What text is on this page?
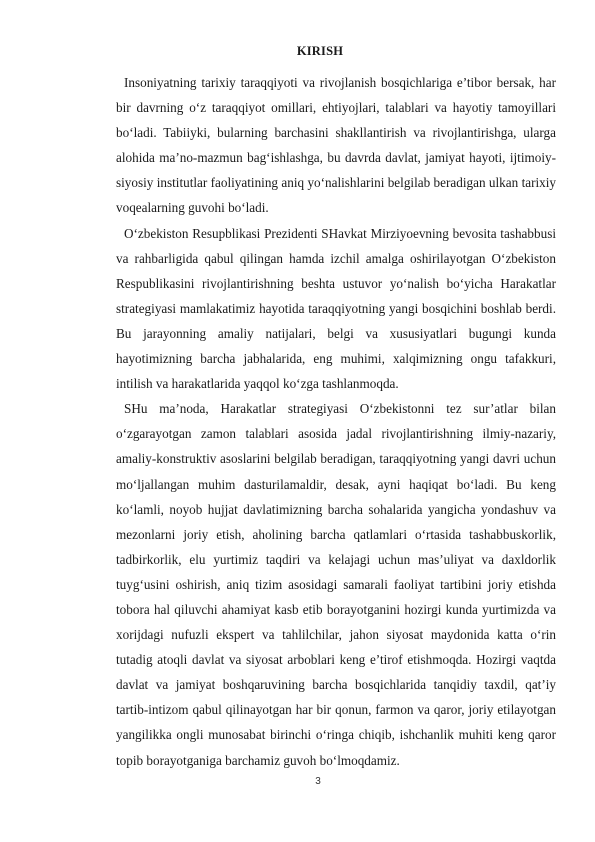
KIRISH

Insoniyatning tarixiy taraqqiyoti va rivojlanish bosqichlariga e’tibor bersak, har bir davrning o‘z taraqqiyot omillari, ehtiyojlari, talablari va hayotiy tamoyillari bo‘ladi. Tabiiyki, bularning barchasini shakllantirish va rivojlantirishga, ularga alohida ma’no-mazmun bag‘ishlashga, bu davrda davlat, jamiyat hayoti, ijtimoiy-siyosiy institutlar faoliyatining aniq yo‘nalishlarini belgilab beradigan ulkan tarixiy voqealarning guvohi bo‘ladi.

O‘zbekiston Resupblikasi Prezidenti SHavkat Mirziyoevning bevosita tashabbusi va rahbarligida qabul qilingan hamda izchil amalga oshirilayotgan O‘zbekiston Respublikasini rivojlantirishning beshta ustuvor yo‘nalish bo‘yicha Harakatlar strategiyasi mamlakatimiz hayotida taraqqiyotning yangi bosqichini boshlab berdi. Bu jarayonning amaliy natijalari, belgi va xususiyatlari bugungi kunda hayotimizning barcha jabhalarida, eng muhimi, xalqimizning ongu tafakkuri, intilish va harakatlarida yaqqol ko‘zga tashlanmoqda.

SHu ma’noda, Harakatlar strategiyasi O‘zbekistonni tez sur’atlar bilan o‘zgarayotgan zamon talablari asosida jadal rivojlantirishning ilmiy-nazariy, amaliy-konstruktiv asoslarini belgilab beradigan, taraqqiyotning yangi davri uchun mo‘ljallangan muhim dasturilamaldir, desak, ayni haqiqat bo‘ladi. Bu keng ko‘lamli, noyob hujjat davlatimizning barcha sohalarida yangicha yondashuv va mezonlarni joriy etish, aholining barcha qatlamlari o‘rtasida tashabbuskorlik, tadbirkorlik, elu yurtimiz taqdiri va kelajagi uchun mas’uliyat va daxldorlik tuyg‘usini oshirish, aniq tizim asosidagi samarali faoliyat tartibini joriy etishda tobora hal qiluvchi ahamiyat kasb etib borayotganini hozirgi kunda yurtimizda va xorijdagi nufuzli ekspert va tahlilchilar, jahon siyosat maydonida katta o‘rin tutadig atoqli davlat va siyosat arboblari keng e’tirof etishmoqda. Hozirgi vaqtda davlat va jamiyat boshqaruvining barcha bosqichlarida tanqidiy taxdil, qat’iy tartib-intizom qabul qilinayotgan har bir qonun, farmon va qaror, joriy etilayotgan yangilikka ongli munosabat birinchi o‘ringa chiqib, ishchanlik muhiti keng qaror topib borayotganiga barchamiz guvoh bo‘lmoqdamiz.

3
